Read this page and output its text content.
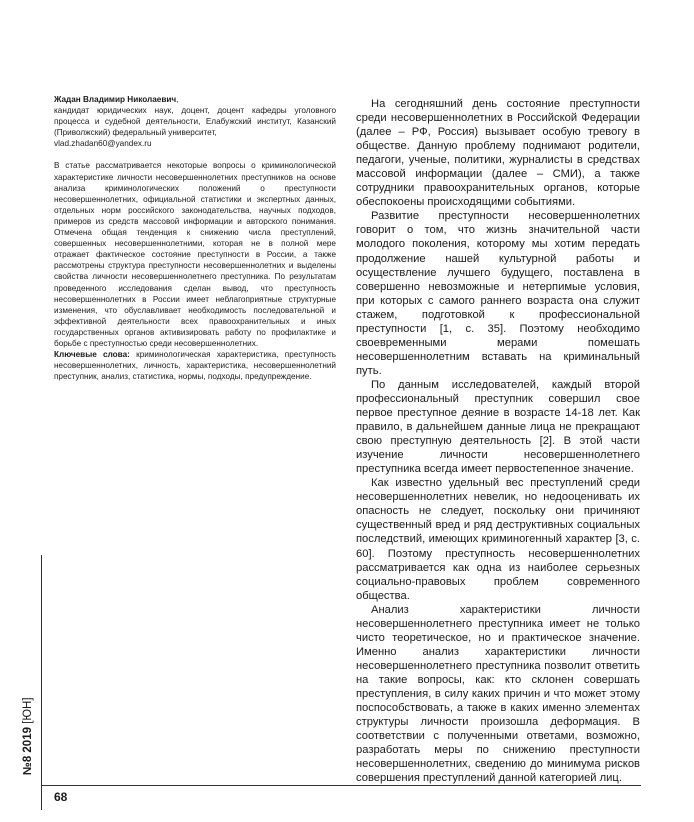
Жадан Владимир Николаевич,

кандидат юридических наук, доцент, доцент кафедры уголовного процесса и судебной деятельности, Елабужский институт, Казанский (Приволжский) федеральный университет,

vlad.zhadan60@yandex.ru

В статье рассматривается некоторые вопросы о криминологической характеристике личности несовершеннолетних преступников на основе анализа криминологических положений о преступности несовершеннолетних, официальной статистики и экспертных данных, отдельных норм российского законодательства, научных подходов, примеров из средств массовой информации и авторского понимания. Отмечена общая тенденция к снижению числа преступлений, совершенных несовершеннолетними, которая не в полной мере отражает фактическое состояние преступности в России, а также рассмотрены структура преступности несовершеннолетних и выделены свойства личности несовершеннолетнего преступника. По результатам проведенного исследования сделан вывод, что преступность несовершеннолетних в России имеет неблагоприятные структурные изменения, что обуславливает необходимость последовательной и эффективной деятельности всех правоохранительных и иных государственных органов активизировать работу по профилактике и борьбе с преступностью среди несовершеннолетних.

Ключевые слова: криминологическая характеристика, преступность несовершеннолетних, личность, характеристика, несовершеннолетний преступник, анализ, статистика, нормы, подходы, предупреждение.

На сегодняшний день состояние преступности среди несовершеннолетних в Российской Федерации (далее – РФ, Россия) вызывает особую тревогу в обществе. Данную проблему поднимают родители, педагоги, ученые, политики, журналисты в средствах массовой информации (далее – СМИ), а также сотрудники правоохранительных органов, которые обеспокоены происходящими событиями.

Развитие преступности несовершеннолетних говорит о том, что жизнь значительной части молодого поколения, которому мы хотим передать продолжение нашей культурной работы и осуществление лучшего будущего, поставлена в совершенно невозможные и нетерпимые условия, при которых с самого раннего возраста она служит стажем, подготовкой к профессиональной преступности [1, с. 35]. Поэтому необходимо своевременными мерами помешать несовершеннолетним вставать на криминальный путь.

По данным исследователей, каждый второй профессиональный преступник совершил свое первое преступное деяние в возрасте 14-18 лет. Как правило, в дальнейшем данные лица не прекращают свою преступную деятельность [2]. В этой части изучение личности несовершеннолетнего преступника всегда имеет первостепенное значение.

Как известно удельный вес преступлений среди несовершеннолетних невелик, но недооценивать их опасность не следует, поскольку они причиняют существенный вред и ряд деструктивных социальных последствий, имеющих криминогенный характер [3, с. 60]. Поэтому преступность несовершеннолетних рассматривается как одна из наиболее серьезных социально-правовых проблем современного общества.

Анализ характеристики личности несовершеннолетнего преступника имеет не только чисто теоретическое, но и практическое значение. Именно анализ характеристики личности несовершеннолетнего преступника позволит ответить на такие вопросы, как: кто склонен совершать преступления, в силу каких причин и что может этому поспособствовать, а также в каких именно элементах структуры личности произошла деформация. В соответствии с полученными ответами, возможно, разработать меры по снижению преступности несовершеннолетних, сведению до минимума рисков совершения преступлений данной категорией лиц.

№8 2019 [ЮН]
68
